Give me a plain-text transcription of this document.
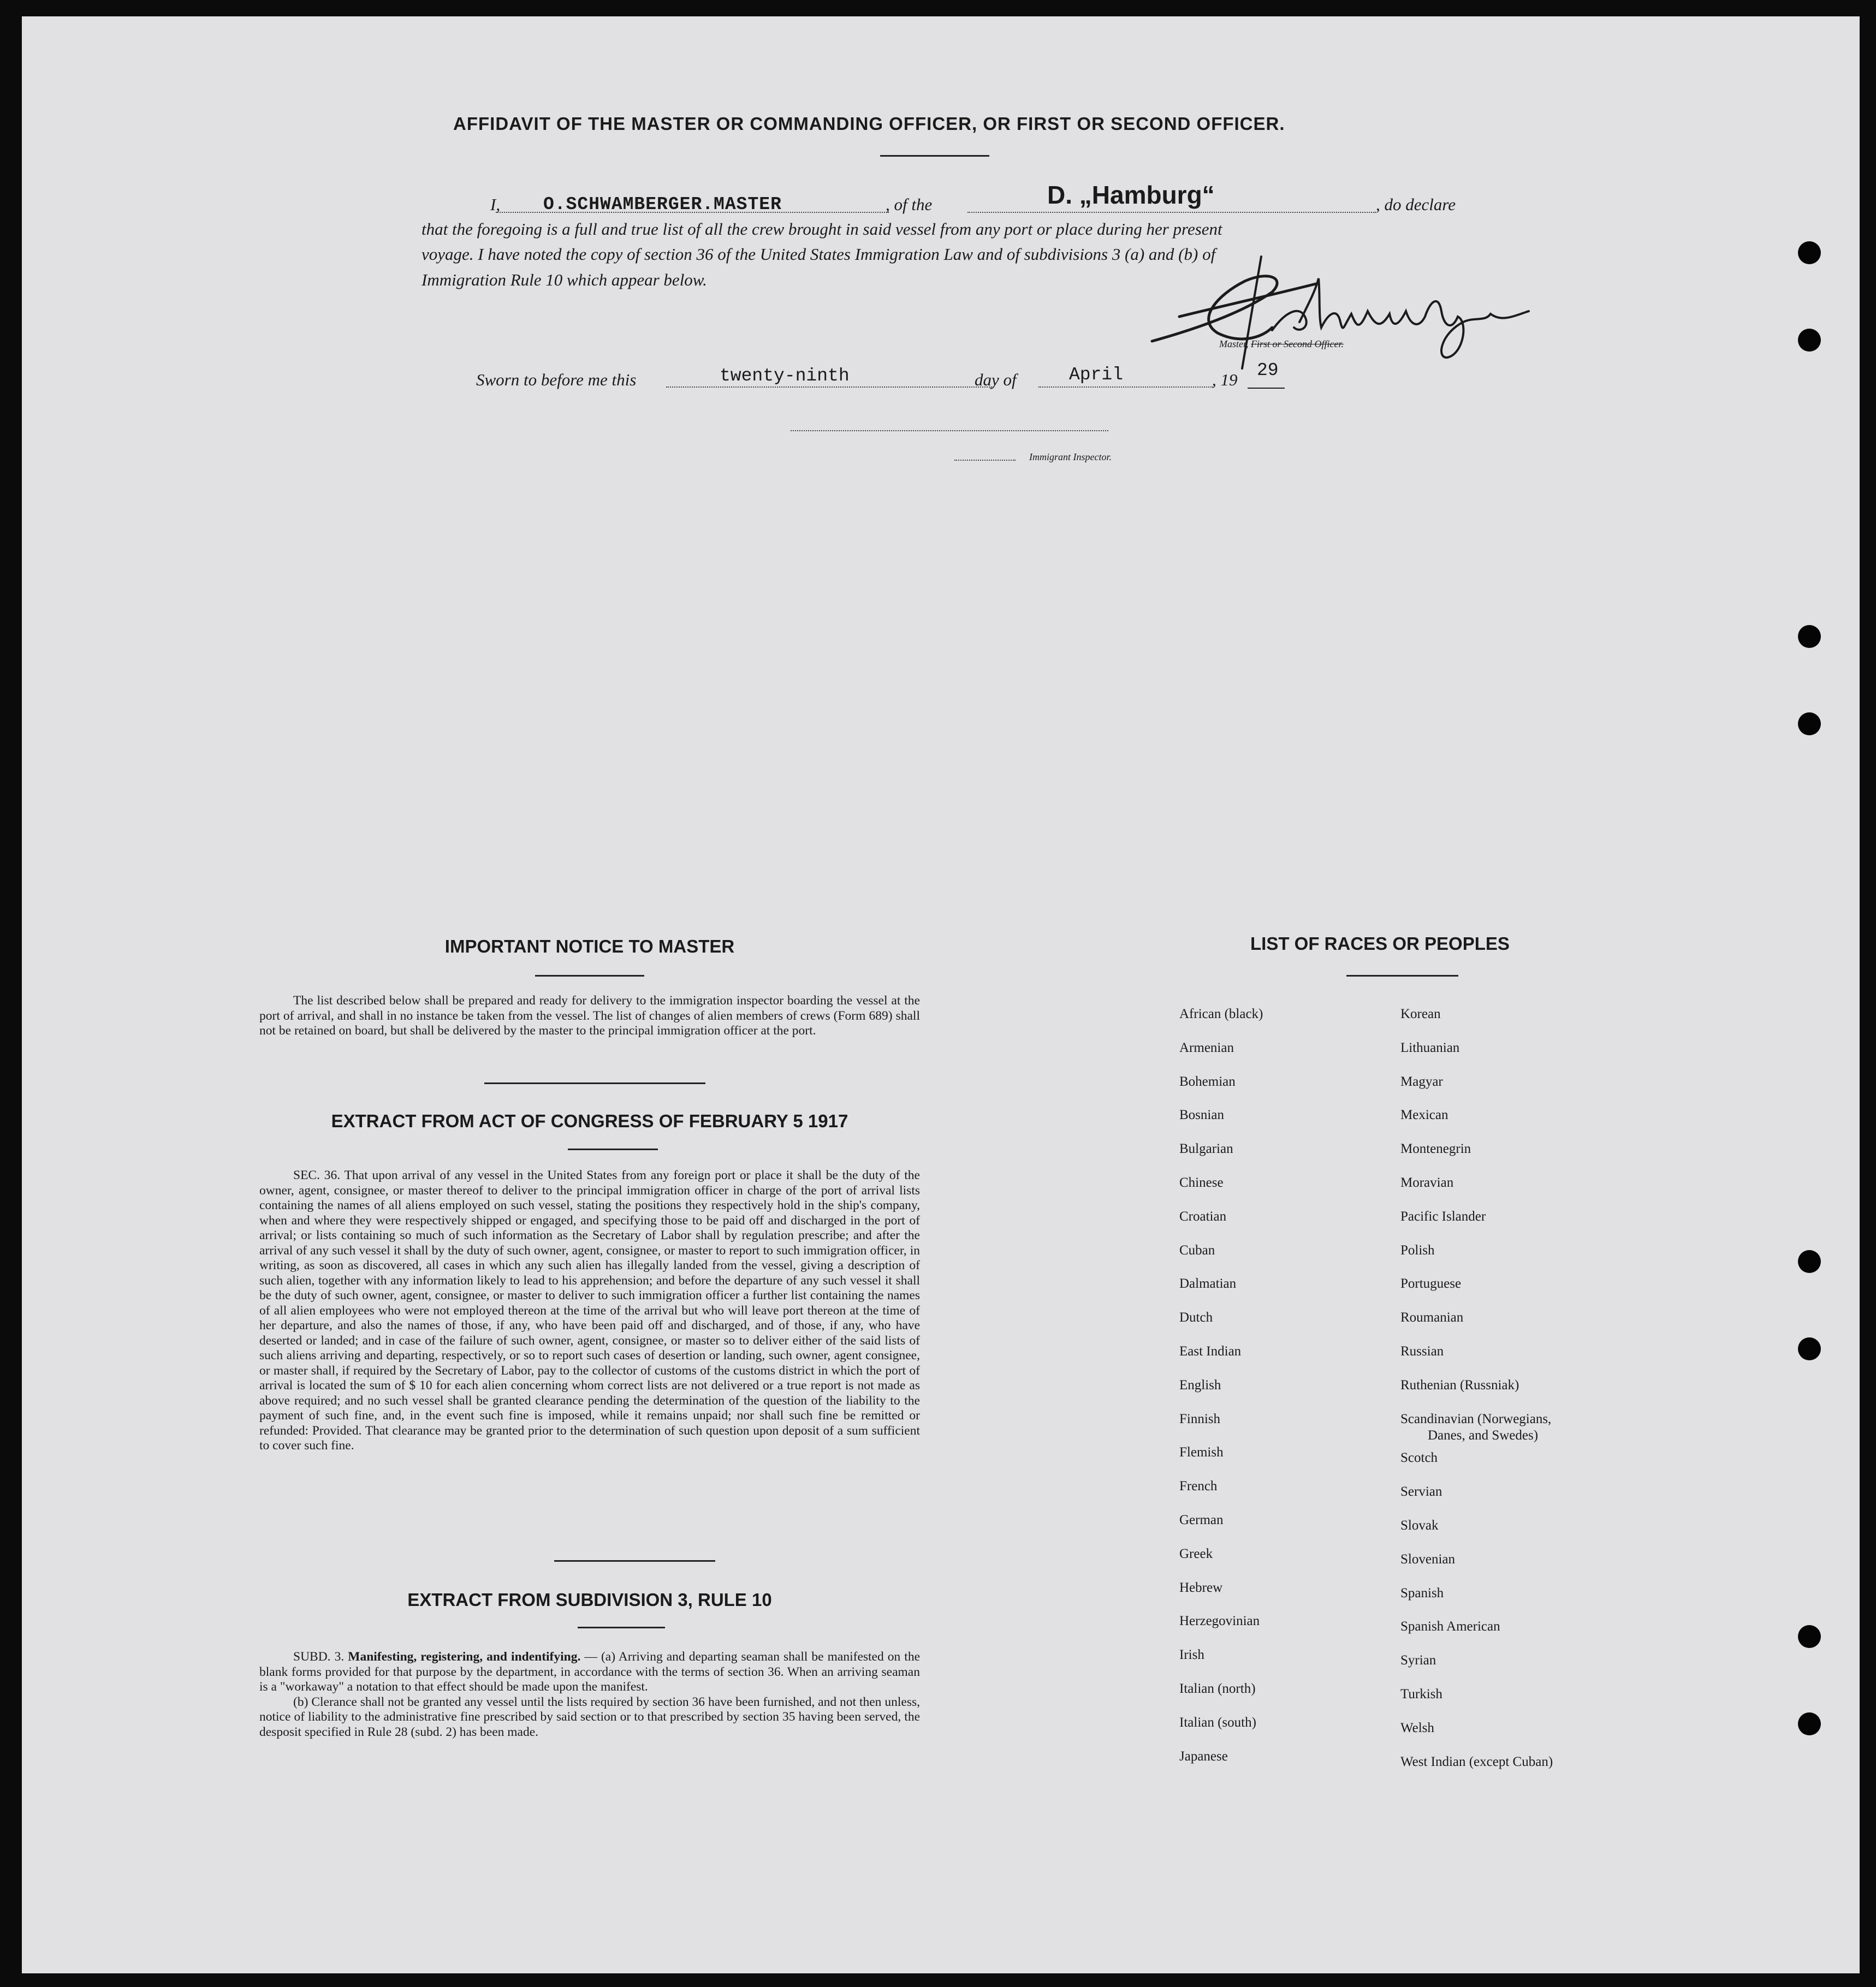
AFFIDAVIT OF THE MASTER OR COMMANDING OFFICER, OR FIRST OR SECOND OFFICER.
I, O.SCHWAMBERGER.MASTER	, of the	D. „Hamburg“	, do declare
that the foregoing is a full and true list of all the crew brought in said vessel from any port or place during her present
voyage. I have noted the copy of section 36 of the United States Immigration Law and of subdivisions 3 (a) and (b) of
Immigration Rule 10 which appear below.
Master, First or Second Officer.
Sworn to before me this	twenty-ninth	day of	April	, 19 29
Immigrant Inspector.
IMPORTANT NOTICE TO MASTER

The list described below shall be prepared and ready for delivery to the immigration inspector boarding the vessel at the port of arrival, and shall in no instance be taken from the vessel. The list of changes of alien members of crews (Form 689) shall not be retained on board, but shall be delivered by the master to the principal immigration officer at the port.

EXTRACT FROM ACT OF CONGRESS OF FEBRUARY 5 1917

SEC. 36. That upon arrival of any vessel in the United States from any foreign port or place it shall be the duty of the owner, agent, consignee, or master thereof to deliver to the principal immigration officer in charge of the port of arrival lists containing the names of all aliens employed on such vessel, stating the positions they respectively hold in the ship's company, when and where they were respectively shipped or engaged, and specifying those to be paid off and discharged in the port of arrival; or lists containing so much of such information as the Secretary of Labor shall by regulation prescribe; and after the arrival of any such vessel it shall by the duty of such owner, agent, consignee, or master to report to such immigration officer, in writing, as soon as discovered, all cases in which any such alien has illegally landed from the vessel, giving a description of such alien, together with any information likely to lead to his apprehension; and before the departure of any such vessel it shall be the duty of such owner, agent, consignee, or master to deliver to such immigration officer a further list containing the names of all alien employees who were not employed thereon at the time of the arrival but who will leave port thereon at the time of her departure, and also the names of those, if any, who have been paid off and discharged, and of those, if any, who have deserted or landed; and in case of the failure of such owner, agent, consignee, or master so to deliver either of the said lists of such aliens arriving and departing, respectively, or so to report such cases of desertion or landing, such owner, agent consignee, or master shall, if required by the Secretary of Labor, pay to the collector of customs of the customs district in which the port of arrival is located the sum of $ 10 for each alien concerning whom correct lists are not delivered or a true report is not made as above required; and no such vessel shall be granted clearance pending the determination of the question of the liability to the payment of such fine, and, in the event such fine is imposed, while it remains unpaid; nor shall such fine be remitted or refunded: Provided. That clearance may be granted prior to the determination of such question upon deposit of a sum sufficient to cover such fine.

EXTRACT FROM SUBDIVISION 3, RULE 10

SUBD. 3. Manifesting, registering, and indentifying. — (a) Arriving and departing seaman shall be manifested on the blank forms provided for that purpose by the department, in accordance with the terms of section 36. When an arriving seaman is a "workaway" a notation to that effect should be made upon the manifest.

(b) Clerance shall not be granted any vessel until the lists required by section 36 have been furnished, and not then unless, notice of liability to the administrative fine prescribed by said section or to that prescribed by section 35 having been served, the desposit specified in Rule 28 (subd. 2) has been made.

LIST OF RACES OR PEOPLES
African (black)
Armenian
Bohemian
Bosnian
Bulgarian
Chinese
Croatian
Cuban
Dalmatian
Dutch
East Indian
English
Finnish
Flemish
French
German
Greek
Hebrew
Herzegovinian
Irish
Italian (north)
Italian (south)
Japanese
Korean
Lithuanian
Magyar
Mexican
Montenegrin
Moravian
Pacific Islander
Polish
Portuguese
Roumanian
Russian
Ruthenian (Russniak)
Scandinavian (Norwegians,
Danes, and Swedes)
Scotch
Servian
Slovak
Slovenian
Spanish
Spanish American
Syrian
Turkish
Welsh
West Indian (except Cuban)
